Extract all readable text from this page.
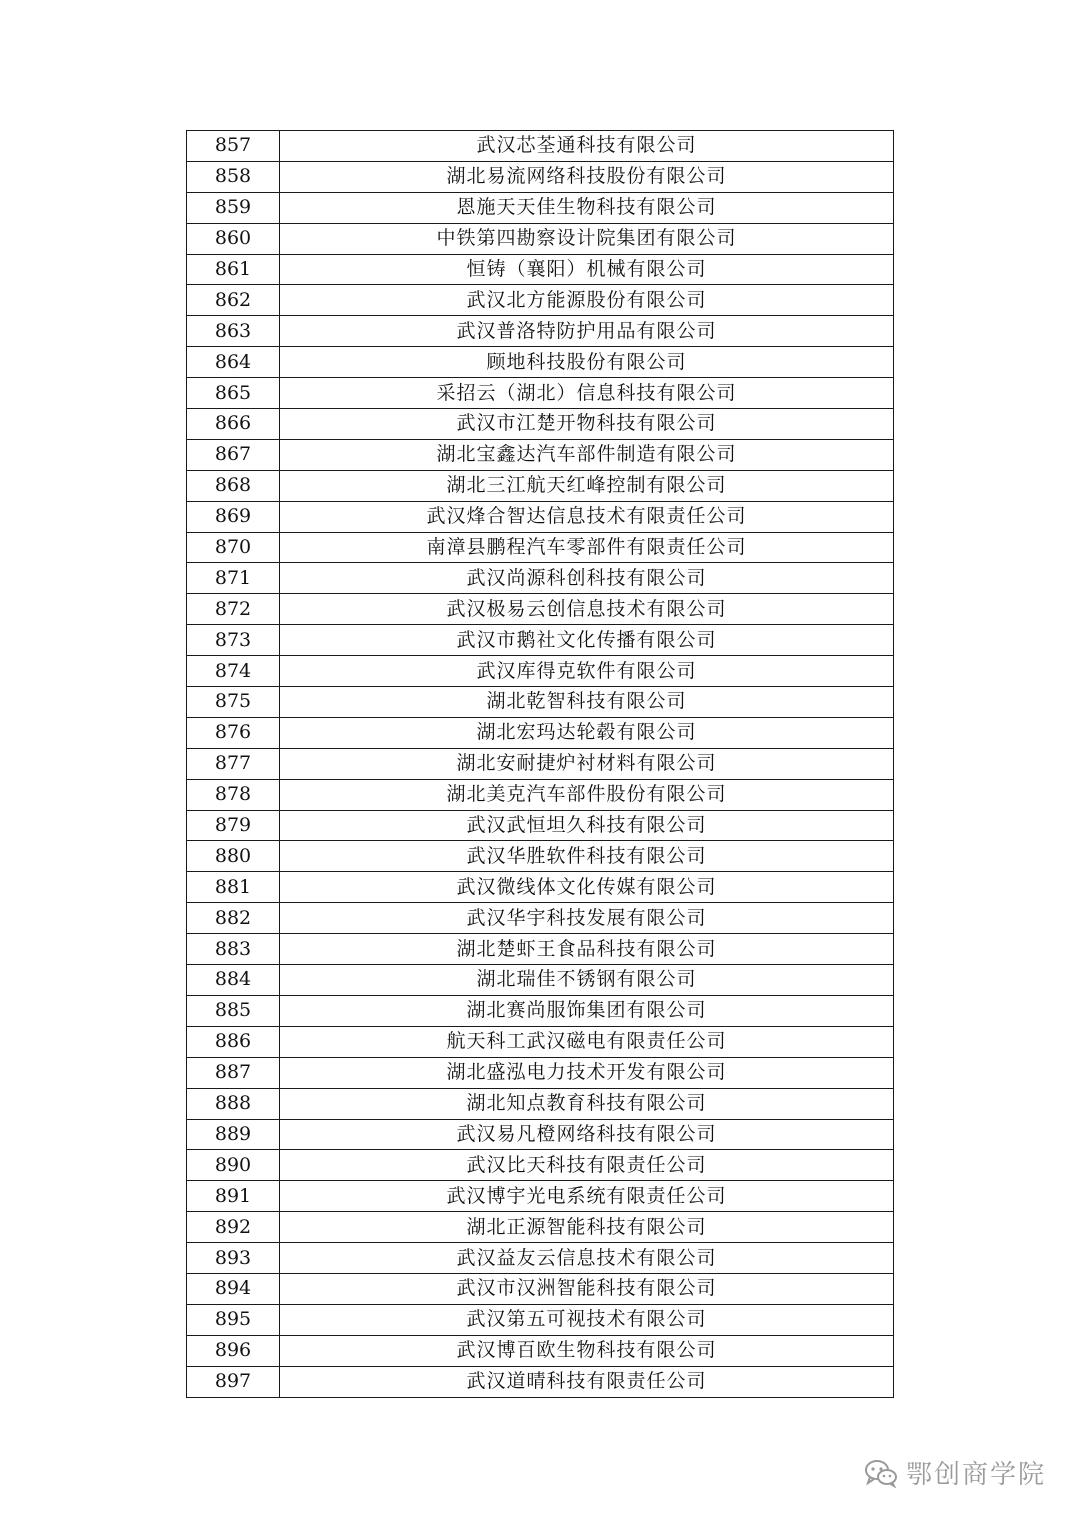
857	武汉芯荃通科技有限公司
858	湖北易流网络科技股份有限公司
859	恩施天天佳生物科技有限公司
860	中铁第四勘察设计院集团有限公司
861	恒铸（襄阳）机械有限公司
862	武汉北方能源股份有限公司
863	武汉普洛特防护用品有限公司
864	顾地科技股份有限公司
865	采招云（湖北）信息科技有限公司
866	武汉市江楚开物科技有限公司
867	湖北宝鑫达汽车部件制造有限公司
868	湖北三江航天红峰控制有限公司
869	武汉烽合智达信息技术有限责任公司
870	南漳县鹏程汽车零部件有限责任公司
871	武汉尚源科创科技有限公司
872	武汉极易云创信息技术有限公司
873	武汉市鹅社文化传播有限公司
874	武汉库得克软件有限公司
875	湖北乾智科技有限公司
876	湖北宏玛达轮毂有限公司
877	湖北安耐捷炉衬材料有限公司
878	湖北美克汽车部件股份有限公司
879	武汉武恒坦久科技有限公司
880	武汉华胜软件科技有限公司
881	武汉微线体文化传媒有限公司
882	武汉华宇科技发展有限公司
883	湖北楚虾王食品科技有限公司
884	湖北瑞佳不锈钢有限公司
885	湖北赛尚服饰集团有限公司
886	航天科工武汉磁电有限责任公司
887	湖北盛泓电力技术开发有限公司
888	湖北知点教育科技有限公司
889	武汉易凡橙网络科技有限公司
890	武汉比天科技有限责任公司
891	武汉博宇光电系统有限责任公司
892	湖北正源智能科技有限公司
893	武汉益友云信息技术有限公司
894	武汉市汉洲智能科技有限公司
895	武汉第五可视技术有限公司
896	武汉博百欧生物科技有限公司
897	武汉道晴科技有限责任公司
鄂创商学院
